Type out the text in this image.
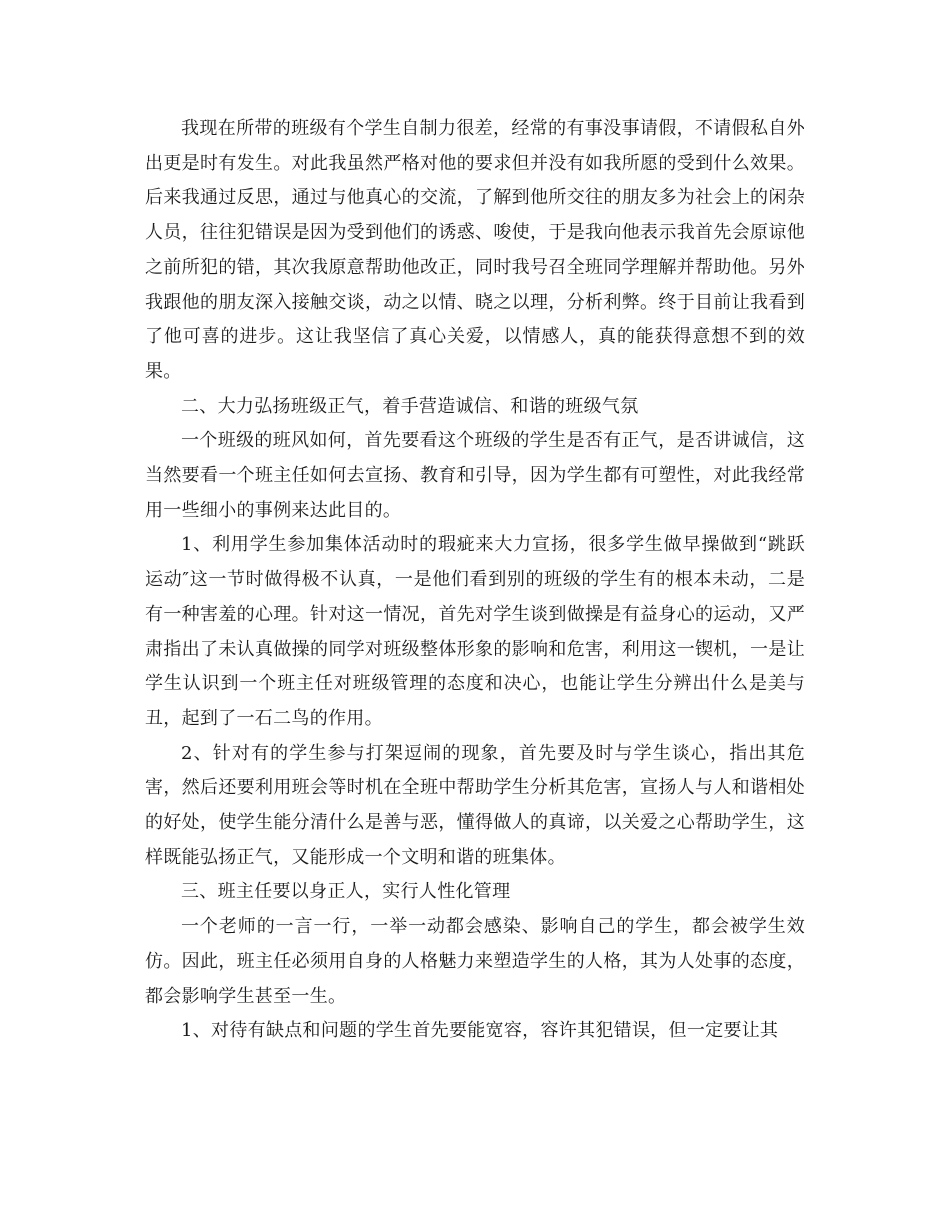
我现在所带的班级有个学生自制力很差，经常的有事没事请假，不请假私自外出更是时有发生。对此我虽然严格对他的要求但并没有如我所愿的受到什么效果。后来我通过反思，通过与他真心的交流，了解到他所交往的朋友多为社会上的闲杂人员，往往犯错误是因为受到他们的诱惑、唆使，于是我向他表示我首先会原谅他之前所犯的错，其次我原意帮助他改正，同时我号召全班同学理解并帮助他。另外我跟他的朋友深入接触交谈，动之以情、晓之以理，分析利弊。终于目前让我看到了他可喜的进步。这让我坚信了真心关爱，以情感人，真的能获得意想不到的效果。

二、大力弘扬班级正气，着手营造诚信、和谐的班级气氛

一个班级的班风如何，首先要看这个班级的学生是否有正气，是否讲诚信，这当然要看一个班主任如何去宣扬、教育和引导，因为学生都有可塑性，对此我经常用一些细小的事例来达此目的。

1、利用学生参加集体活动时的瑕疵来大力宣扬，很多学生做早操做到“跳跃运动″这一节时做得极不认真，一是他们看到别的班级的学生有的根本未动，二是有一种害羞的心理。针对这一情况，首先对学生谈到做操是有益身心的运动，又严肃指出了未认真做操的同学对班级整体形象的影响和危害，利用这一锲机，一是让学生认识到一个班主任对班级管理的态度和决心，也能让学生分辨出什么是美与丑，起到了一石二鸟的作用。

2、针对有的学生参与打架逗闹的现象，首先要及时与学生谈心，指出其危害，然后还要利用班会等时机在全班中帮助学生分析其危害，宣扬人与人和谐相处的好处，使学生能分清什么是善与恶，懂得做人的真谛，以关爱之心帮助学生，这样既能弘扬正气，又能形成一个文明和谐的班集体。

三、班主任要以身正人，实行人性化管理

一个老师的一言一行，一举一动都会感染、影响自己的学生，都会被学生效仿。因此，班主任必须用自身的人格魅力来塑造学生的人格，其为人处事的态度，都会影响学生甚至一生。

1、对待有缺点和问题的学生首先要能宽容，容许其犯错误，但一定要让其
